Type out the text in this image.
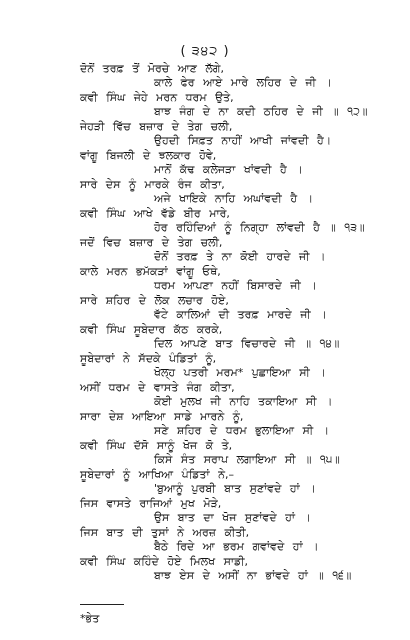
( ੩੪੨ )
ਦੋਨੋਂ ਤਰਫ਼ ਤੋਂ ਮੋਰਚੇ ਆਣ ਲੱਗੇ,
ਕਾਲੇ ਫੇਰ ਆਏ ਮਾਰੇ ਲਹਿਰ ਦੇ ਜੀ ।
ਕਵੀ ਸਿੰਘ ਜੇਹੇ ਮਰਨ ਧਰਮ ਉਤੇ,
ਬਾਝ ਜੰਗ ਦੇ ਨਾ ਕਦੀ ਠਹਿਰ ਦੇ ਜੀ ॥ ੧੨॥
ਜੇਹੜੀ ਵਿੱਚ ਬਜ਼ਾਰ ਦੇ ਤੇਗ ਚਲੀ,
ਉਹਦੀ ਸਿਫ਼ਤ ਨਾਹੀਂ ਆਖੀ ਜਾਂਵਦੀ ਹੈ।
ਵਾਂਗੂ ਬਿਜਲੀ ਦੇ ਝਲਕਾਰ ਹੋਵੇ,
ਮਾਨੋਂ ਕੱਢ ਕਲੇਜੜਾ ਖਾਂਵਦੀ ਹੈ ।
ਸਾਰੇ ਦੇਸ ਨੂੰ ਮਾਰਕੇ ਰੰਜ ਕੀਤਾ,
ਅਜੇ ਖਾਇਕੇ ਨਾਹਿ ਅਘਾਂਵਦੀ ਹੈ ।
ਕਵੀ ਸਿੰਘ ਆਖੇ ਵੱਡੇ ਬੀਰ ਮਾਰੇ,
ਹੋਰ ਰਹਿੰਦਿਆਂ ਨੂੰ ਨਿਗ੍ਹਾ ਲਾਂਵਦੀ ਹੈ ॥ ੧੩॥
ਜਦੋਂ ਵਿਚ ਬਜ਼ਾਰ ਦੇ ਤੇਗ ਚਲੀ,
ਦੋਨੋਂ ਤਰਫ਼ ਤੇ ਨਾ ਕੋਈ ਹਾਰਦੇ ਜੀ ।
ਕਾਲੇ ਮਰਨ ਭਮੱਕੜਾਂ ਵਾਂਗੂ ਓਥੇ,
ਧਰਮ ਆਪਣਾ ਨਹੀਂ ਬਿਸਾਰਦੇ ਜੀ ।
ਸਾਰੇ ਸ਼ਹਿਰ ਦੇ ਲੋਕ ਲਚਾਰ ਹੋਏ,
ਵੱਟੇ ਕਾਲਿਆਂ ਦੀ ਤਰਫ਼ ਮਾਰਦੇ ਜੀ ।
ਕਵੀ ਸਿੰਘ ਸੂਬੇਦਾਰ ਕੱਠ ਕਰਕੇ,
ਦਿਲ ਆਪਣੇ ਬਾਤ ਵਿਚਾਰਦੇ ਜੀ ॥ ੧੪॥
ਸੂਬੇਦਾਰਾਂ ਨੇ ਸੱਦਕੇ ਪੰਡਿਤਾਂ ਨੂੰ,
ਖੋਲ੍ਹ ਪਤਰੀ ਮਰਮ* ਪੁਛਾਇਆ ਸੀ ।
ਅਸੀਂ ਧਰਮ ਦੇ ਵਾਸਤੇ ਜੰਗ ਕੀਤਾ,
ਕੋਈ ਮੁਲਖ ਜੀ ਨਾਹਿ ਤਕਾਇਆ ਸੀ ।
ਸਾਰਾ ਦੇਸ਼ ਆਇਆ ਸਾਡੇ ਮਾਰਨੇ ਨੂੰ,
ਸਣੇ ਸ਼ਹਿਰ ਦੇ ਧਰਮ ਭੁਲਾਇਆ ਸੀ ।
ਕਵੀ ਸਿੰਘ ਦੱਸੋ ਸਾਨੂੰ ਖੋਜ ਕੋ ਤੇ,
ਕਿਸੇ ਸੰਤ ਸਰਾਪ ਲਗਾਇਆ ਸੀ ॥ ੧੫॥
ਸੂਬੇਦਾਰਾਂ ਨੂੰ ਆਖਿਆ ਪੰਡਿਤਾਂ ਨੇ,–
'ਬੁਆਨੂੰ ਪੁਰਬੀ ਬਾਤ ਸੁਣਾਂਵਦੇ ਹਾਂ ।
ਜਿਸ ਵਾਸਤੇ ਰਾਜਿਆਂ ਮੁਖ ਮੋੜੇ,
ਉਸ ਬਾਤ ਦਾ ਖੋਜ ਸੁਣਾਂਵਦੇ ਹਾਂ ।
ਜਿਸ ਬਾਤ ਦੀ ਤੁਸਾਂ ਨੇ ਅਰਜ਼ ਕੀਤੀ,
ਬੈਠੇ ਰਿਦੇ ਆ ਭਰਮ ਗਵਾਂਵਦੇ ਹਾਂ ।
ਕਵੀ ਸਿੰਘ ਕਹਿੰਦੇ ਹੋਏ ਮਿਲਖ ਸਾਡੀ,
ਬਾਝ ਏਸ ਦੇ ਅਸੀਂ ਨਾ ਭਾਂਵਦੇ ਹਾਂ ॥ ੧੬॥
*ਭੇਤ
